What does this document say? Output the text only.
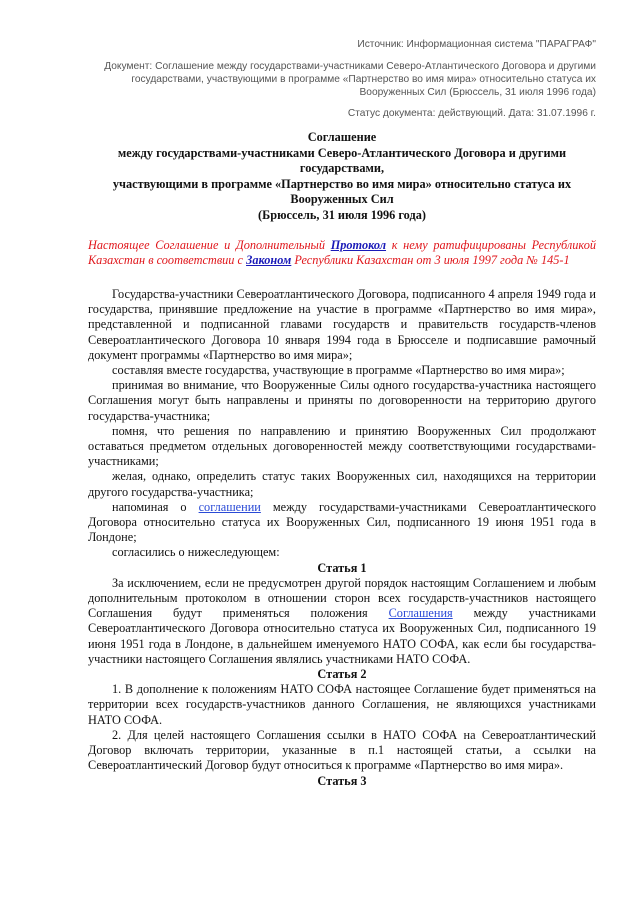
Источник: Информационная система "ПАРАГРАФ"
Документ: Соглашение между государствами-участниками Северо-Атлантического Договора и другими государствами, участвующими в программе «Партнерство во имя мира» относительно статуса их Вооруженных Сил (Брюссель, 31 июля 1996 года)
Статус документа: действующий. Дата: 31.07.1996 г.
Соглашение
между государствами-участниками Северо-Атлантического Договора и другими государствами,
участвующими в программе «Партнерство во имя мира» относительно статуса их Вооруженных Сил
(Брюссель, 31 июля 1996 года)
Настоящее Соглашение и Дополнительный Протокол к нему ратифицированы Республикой Казахстан в соответствии с Законом Республики Казахстан от 3 июля 1997 года № 145-1

Государства-участники Североатлантического Договора, подписанного 4 апреля 1949 года и государства, принявшие предложение на участие в программе «Партнерство во имя мира», представленной и подписанной главами государств и правительств государств-членов Североатлантического Договора 10 января 1994 года в Брюсселе и подписавшие рамочный документ программы «Партнерство во имя мира»;

составляя вместе государства, участвующие в программе «Партнерство во имя мира»;

принимая во внимание, что Вооруженные Силы одного государства-участника настоящего Соглашения могут быть направлены и приняты по договоренности на территорию другого государства-участника;

помня, что решения по направлению и принятию Вооруженных Сил продолжают оставаться предметом отдельных договоренностей между соответствующими государствами-участниками;

желая, однако, определить статус таких Вооруженных сил, находящихся на территории другого государства-участника;

напоминая о соглашении между государствами-участниками Североатлантического Договора относительно статуса их Вооруженных Сил, подписанного 19 июня 1951 года в Лондоне;

согласились о нижеследующем:

Статья 1

За исключением, если не предусмотрен другой порядок настоящим Соглашением и любым дополнительным протоколом в отношении сторон всех государств-участников настоящего Соглашения будут применяться положения Соглашения между участниками Североатлантического Договора относительно статуса их Вооруженных Сил, подписанного 19 июня 1951 года в Лондоне, в дальнейшем именуемого НАТО СОФА, как если бы государства-участники настоящего Соглашения являлись участниками НАТО СОФА.

Статья 2

1. В дополнение к положениям НАТО СОФА настоящее Соглашение будет применяться на территории всех государств-участников данного Соглашения, не являющихся участниками НАТО СОФА.

2. Для целей настоящего Соглашения ссылки в НАТО СОФА на Североатлантический Договор включать территории, указанные в п.1 настоящей статьи, а ссылки на Североатлантический Договор будут относиться к программе «Партнерство во имя мира».

Статья 3
